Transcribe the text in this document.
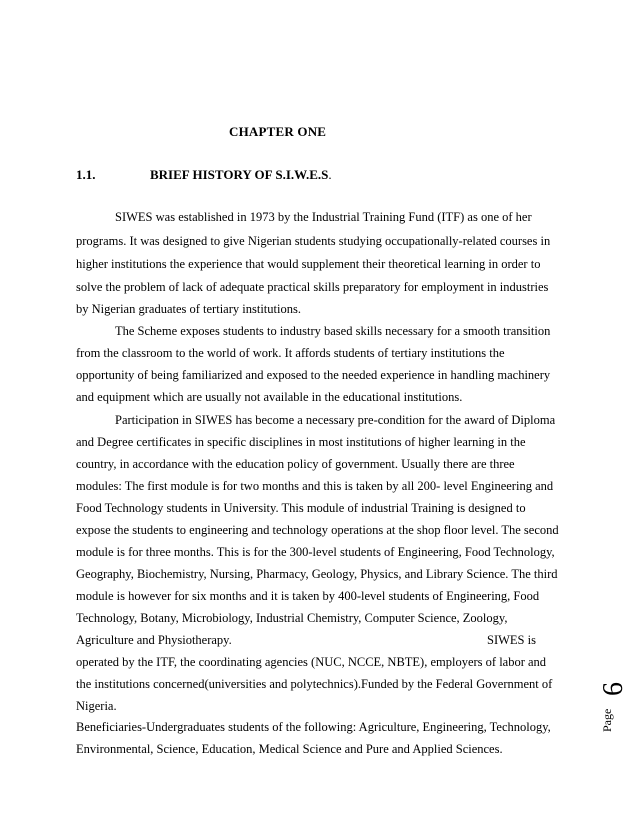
CHAPTER ONE
1.1.	BRIEF HISTORY OF S.I.W.E.S.
SIWES was established in 1973 by the Industrial Training Fund (ITF) as one of her
programs. It was designed to give Nigerian students studying occupationally-related courses in
higher institutions the experience that would supplement their theoretical learning in order to
solve the problem of lack of adequate practical skills preparatory for employment in industries
by Nigerian graduates of tertiary institutions.
The Scheme exposes students to industry based skills necessary for a smooth transition
from the classroom to the world of work. It affords students of tertiary institutions the
opportunity of being familiarized and exposed to the needed experience in handling machinery
and equipment which are usually not available in the educational institutions.
Participation in SIWES has become a necessary pre-condition for the award of Diploma
and Degree certificates in specific disciplines in most institutions of higher learning in the
country, in accordance with the education policy of government. Usually there are three
modules: The first module is for two months and this is taken by all 200- level Engineering and
Food Technology students in University. This module of industrial Training is designed to
expose the students to engineering and technology operations at the shop floor level. The second
module is for three months. This is for the 300-level students of Engineering, Food Technology,
Geography, Biochemistry, Nursing, Pharmacy, Geology, Physics, and Library Science. The third
module is however for six months and it is taken by 400-level students of Engineering, Food
Technology, Botany, Microbiology, Industrial Chemistry, Computer Science, Zoology,
Agriculture and Physiotherapy.	SIWES is
operated by the ITF, the coordinating agencies (NUC, NCCE, NBTE), employers of labor and
the institutions concerned(universities and polytechnics).Funded by the Federal Government of
Nigeria.
Beneficiaries-Undergraduates students of the following: Agriculture, Engineering, Technology,
Environmental, Science, Education, Medical Science and Pure and Applied Sciences.
Page
6
